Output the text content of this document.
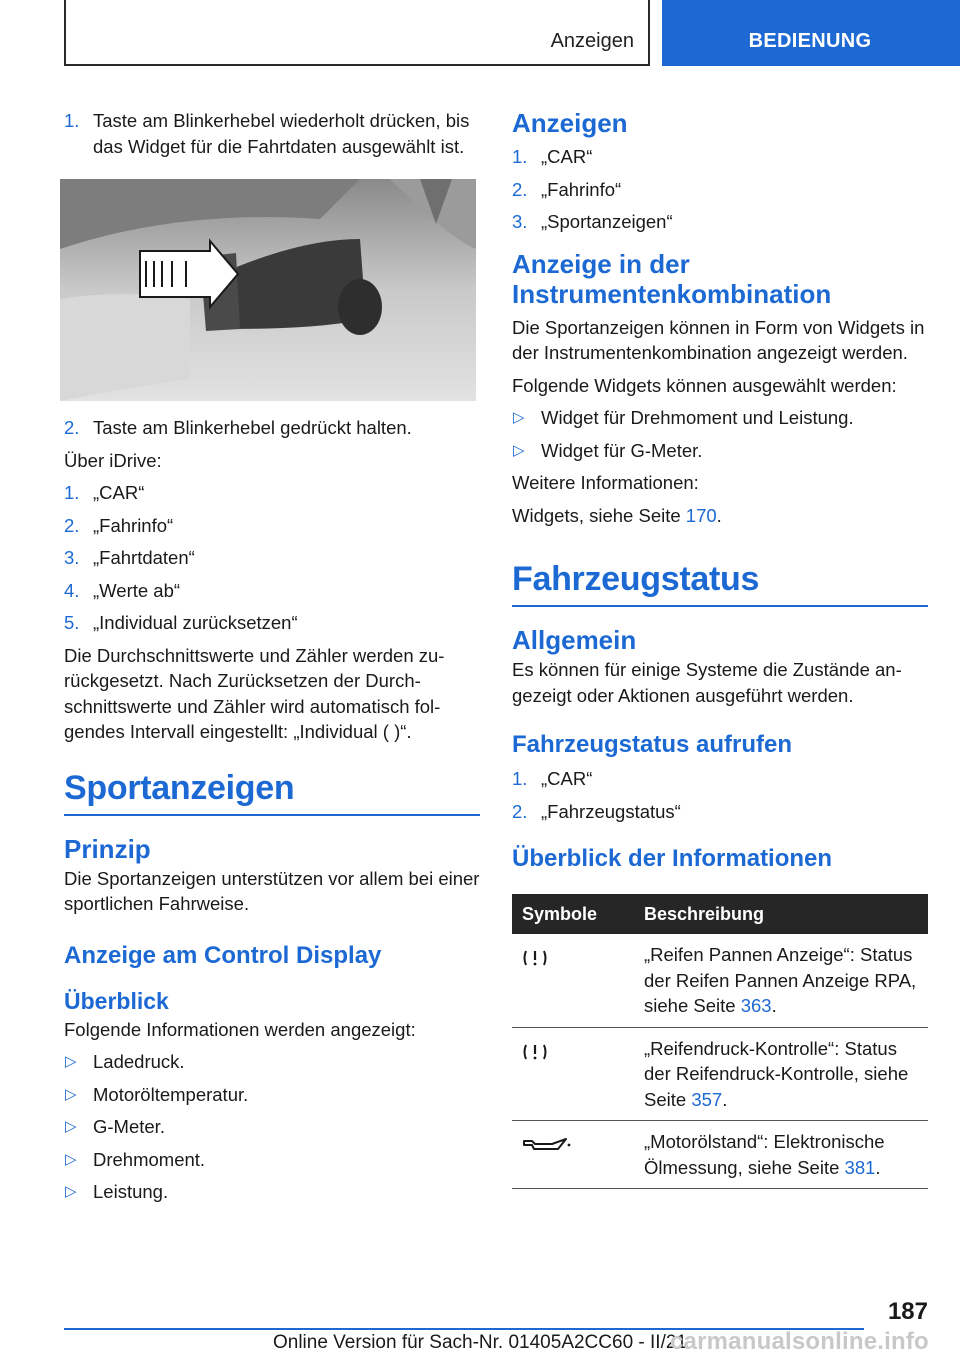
Anzeigen	BEDIENUNG
1. Taste am Blinkerhebel wiederholt drücken, bis das Widget für die Fahrtdaten ausgewählt ist.
2. Taste am Blinkerhebel gedrückt halten.

Über iDrive:

1. „CAR“
2. „Fahrinfo“
3. „Fahrtdaten“
4. „Werte ab“
5. „Individual zurücksetzen“

Die Durchschnittswerte und Zähler werden zurückgesetzt. Nach Zurücksetzen der Durchschnittswerte und Zähler wird automatisch folgendes Intervall eingestellt: „Individual ( )“.

Sportanzeigen
Prinzip

Die Sportanzeigen unterstützen vor allem bei einer sportlichen Fahrweise.

Anzeige am Control Display
Überblick

Folgende Informationen werden angezeigt:

▷ Ladedruck.
▷ Motoröltemperatur.
▷ G-Meter.
▷ Drehmoment.
▷ Leistung.
Anzeigen
1. „CAR“
2. „Fahrinfo“
3. „Sportanzeigen“
Anzeige in der Instrumentenkombination

Die Sportanzeigen können in Form von Widgets in der Instrumentenkombination angezeigt werden.

Folgende Widgets können ausgewählt werden:

▷ Widget für Drehmoment und Leistung.
▷ Widget für G-Meter.

Weitere Informationen:

Widgets, siehe Seite 170.

Fahrzeugstatus
Allgemein

Es können für einige Systeme die Zustände angezeigt oder Aktionen ausgeführt werden.

Fahrzeugstatus aufrufen
1. „CAR“
2. „Fahrzeugstatus“
Überblick der Informationen
Symbole	Beschreibung
	„Reifen Pannen Anzeige“: Status der Reifen Pannen Anzeige RPA, siehe Seite 363.
	„Reifendruck-Kontrolle“: Status der Reifendruck-Kontrolle, siehe Seite 357.
	„Motorölstand“: Elektronische Ölmessung, siehe Seite 381.
187
Online Version für Sach-Nr. 01405A2CC60 - II/21
carmanualsonline.info
